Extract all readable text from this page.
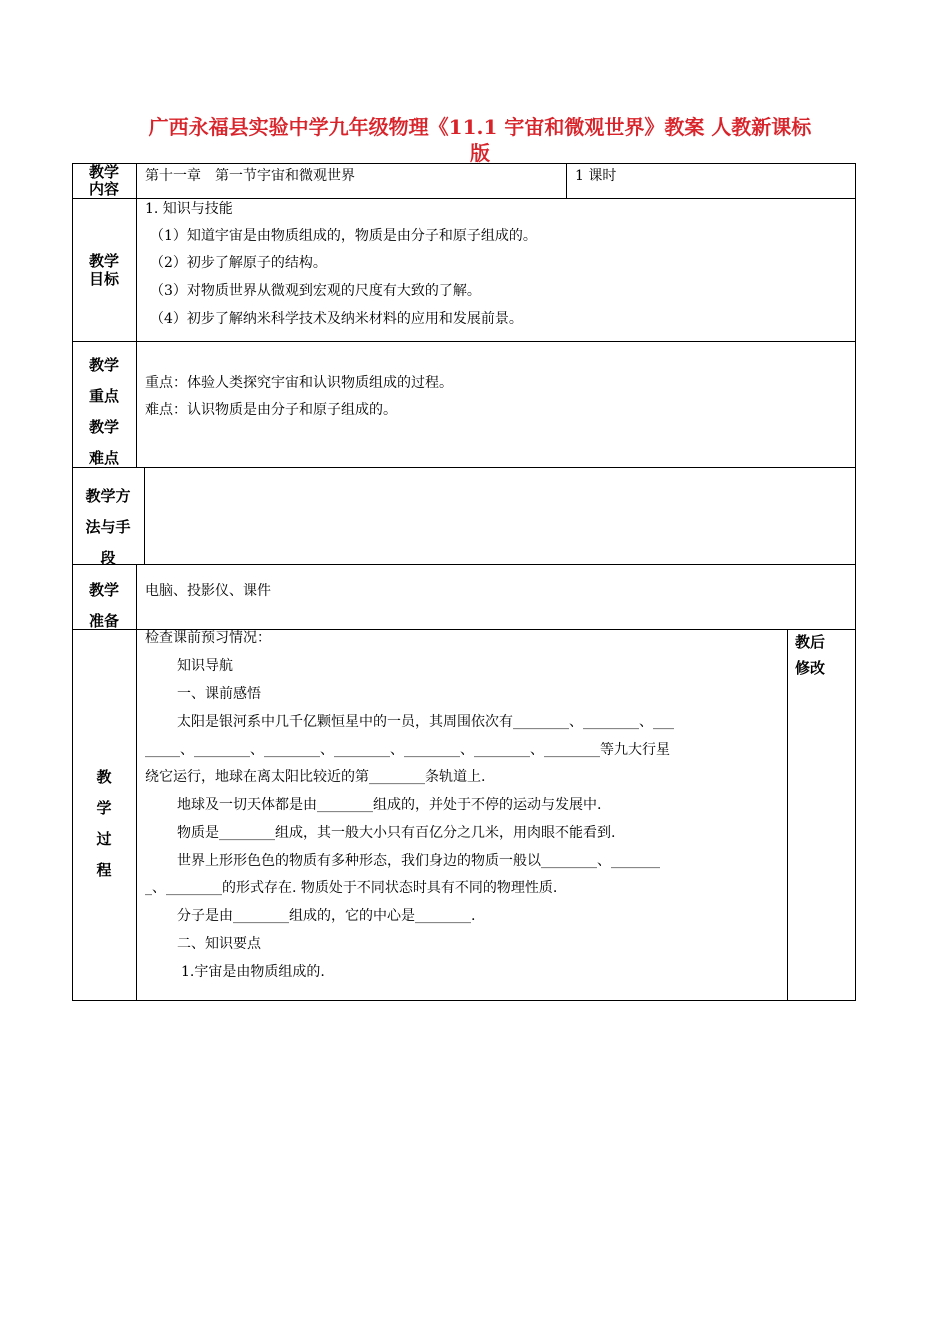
广西永福县实验中学九年级物理《11.1 宇宙和微观世界》教案 人教新课标
版
教学
内容
第十一章　第一节宇宙和微观世界	1 课时
教学
目标
1. 知识与技能
（1）知道宇宙是由物质组成的，物质是由分子和原子组成的。
（2）初步了解原子的结构。
（3）对物质世界从微观到宏观的尺度有大致的了解。
（4）初步了解纳米科学技术及纳米材料的应用和发展前景。
教学
重点
教学
难点
重点：体验人类探究宇宙和认识物质组成的过程。
难点：认识物质是由分子和原子组成的。
教学方
法与手
段
教学
准备
电脑、投影仪、课件
教
学
过
程
教后
修改
检查课前预习情况：
知识导航
一、课前感悟
太阳是银河系中几千亿颗恒星中的一员，其周围依次有________、________、___
_____、________、________、________、________、________、________等九大行星
绕它运行，地球在离太阳比较近的第________条轨道上.
地球及一切天体都是由________组成的，并处于不停的运动与发展中.
物质是________组成，其一般大小只有百亿分之几米，用肉眼不能看到.
世界上形形色色的物质有多种形态，我们身边的物质一般以________、_______
_、________的形式存在. 物质处于不同状态时具有不同的物理性质.
分子是由________组成的，它的中心是________.
二、知识要点
1.宇宙是由物质组成的.
